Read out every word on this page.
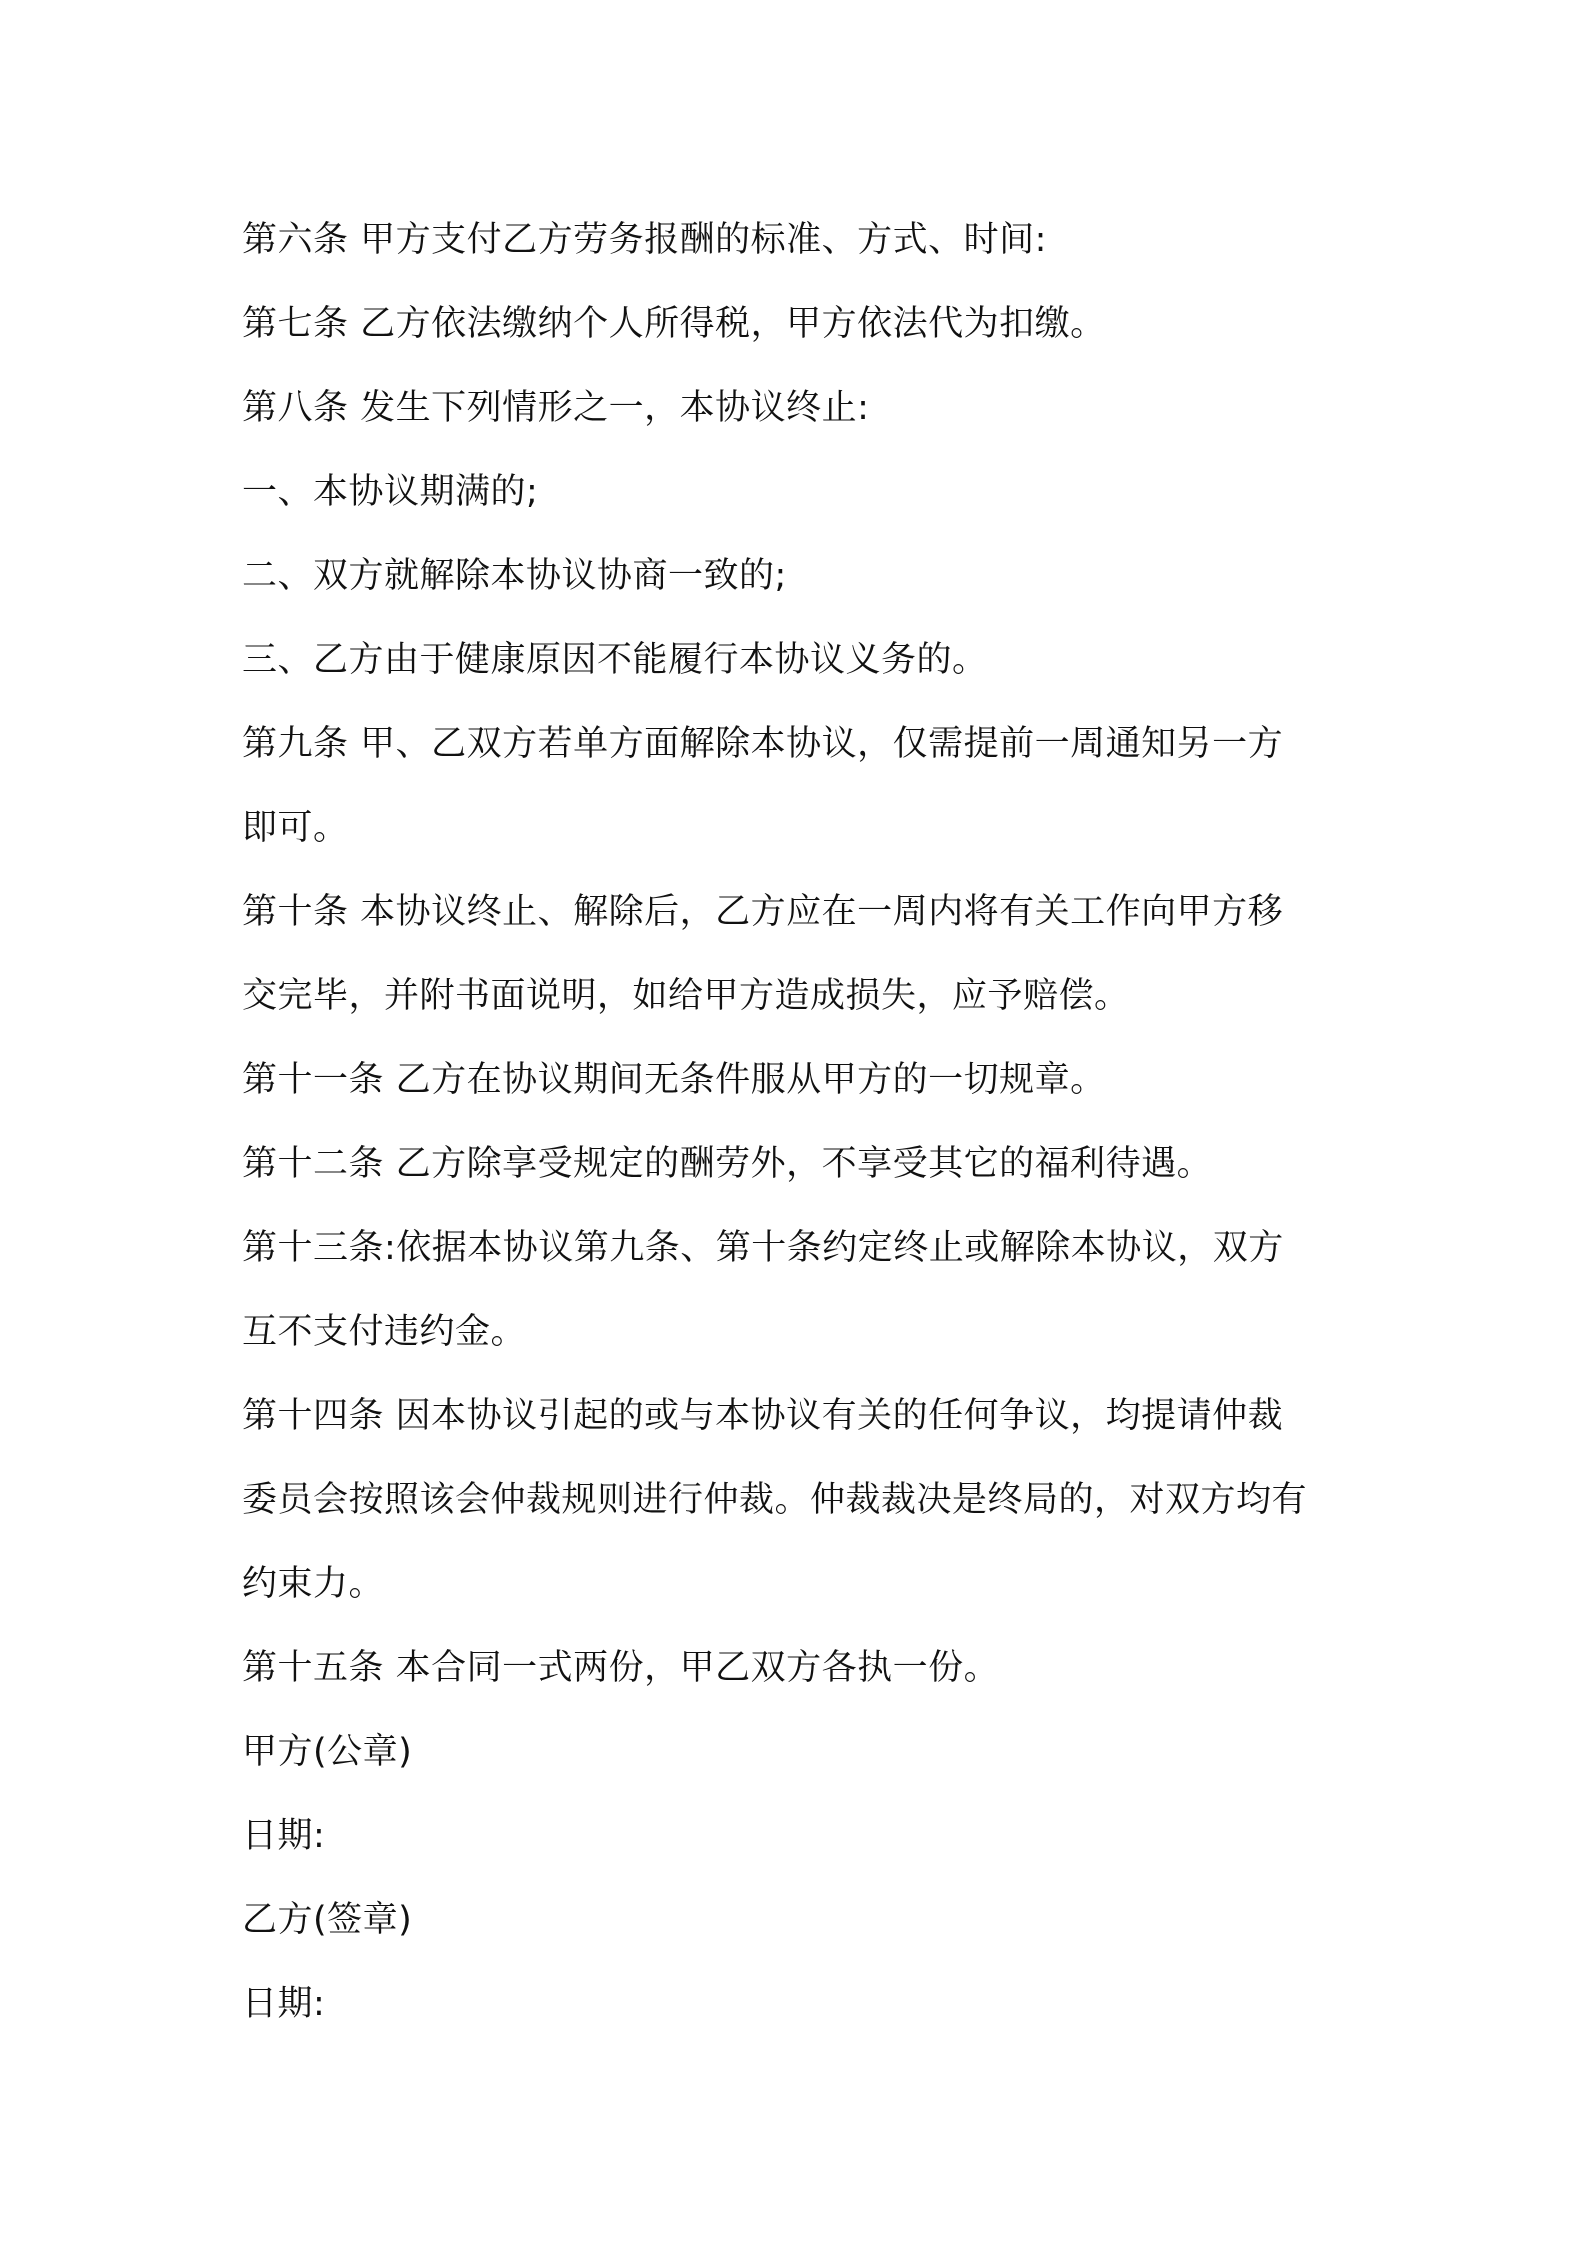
第六条 甲方支付乙方劳务报酬的标准、方式、时间:
第七条 乙方依法缴纳个人所得税，甲方依法代为扣缴。
第八条 发生下列情形之一，本协议终止:
一、本协议期满的;
二、双方就解除本协议协商一致的;
三、乙方由于健康原因不能履行本协议义务的。
第九条 甲、乙双方若单方面解除本协议，仅需提前一周通知另一方
即可。
第十条 本协议终止、解除后，乙方应在一周内将有关工作向甲方移
交完毕，并附书面说明，如给甲方造成损失，应予赔偿。
第十一条 乙方在协议期间无条件服从甲方的一切规章。
第十二条 乙方除享受规定的酬劳外，不享受其它的福利待遇。
第十三条:依据本协议第九条、第十条约定终止或解除本协议，双方
互不支付违约金。
第十四条 因本协议引起的或与本协议有关的任何争议，均提请仲裁
委员会按照该会仲裁规则进行仲裁。仲裁裁决是终局的，对双方均有
约束力。
第十五条 本合同一式两份，甲乙双方各执一份。
甲方(公章)
日期:
乙方(签章)
日期:
